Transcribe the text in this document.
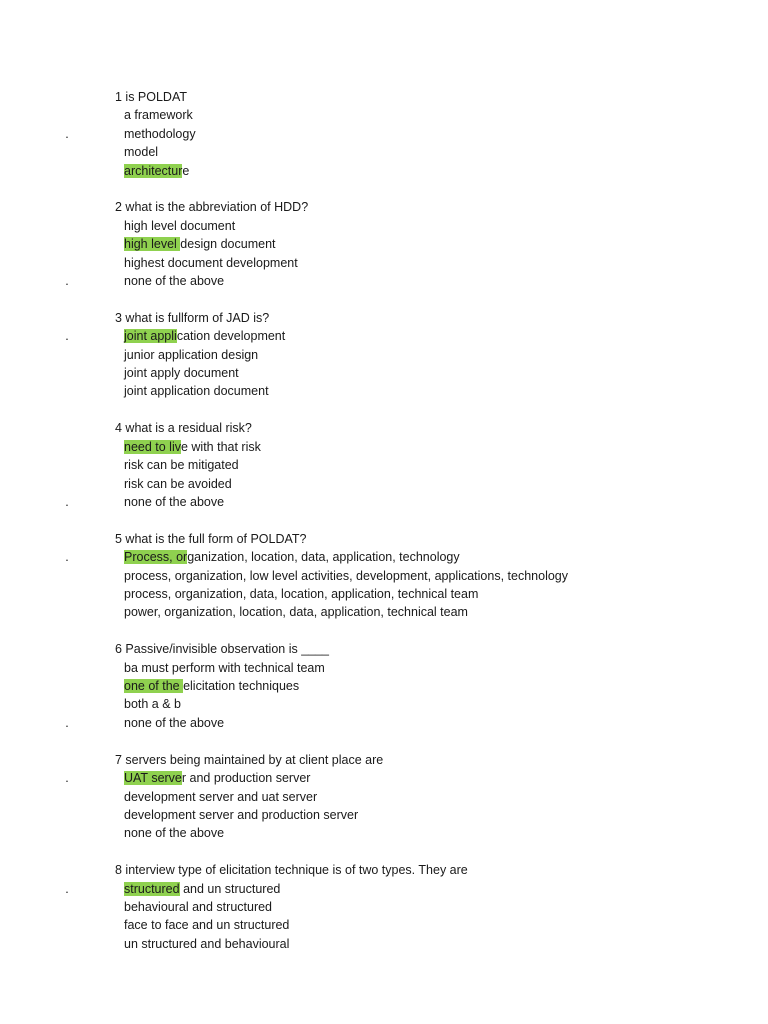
1 is POLDAT
a framework
.	methodology
model
architecture
2 what is the abbreviation of HDD?
high level document
high level design document
highest document development
.	none of the above
3 what is fullform of JAD is?
.	joint application development
junior application design
joint apply document
joint application document
4 what is a residual risk?
need to live with that risk
risk can be mitigated
risk can be avoided
.	none of the above
5 what is the full form of POLDAT?
.	Process, organization, location, data, application, technology
process, organization, low level activities, development, applications, technology
process, organization, data, location, application, technical team
power, organization, location, data, application, technical team
6 Passive/invisible observation is ____
ba must perform with technical team
one of the elicitation techniques
both a & b
.	none of the above
7 servers being maintained by at client place are
.	UAT server and production server
development server and uat server
development server and production server
none of the above
8 interview type of elicitation technique is of two types. They are
.	structured and un structured
behavioural and structured
face to face and un structured
un structured and behavioural
